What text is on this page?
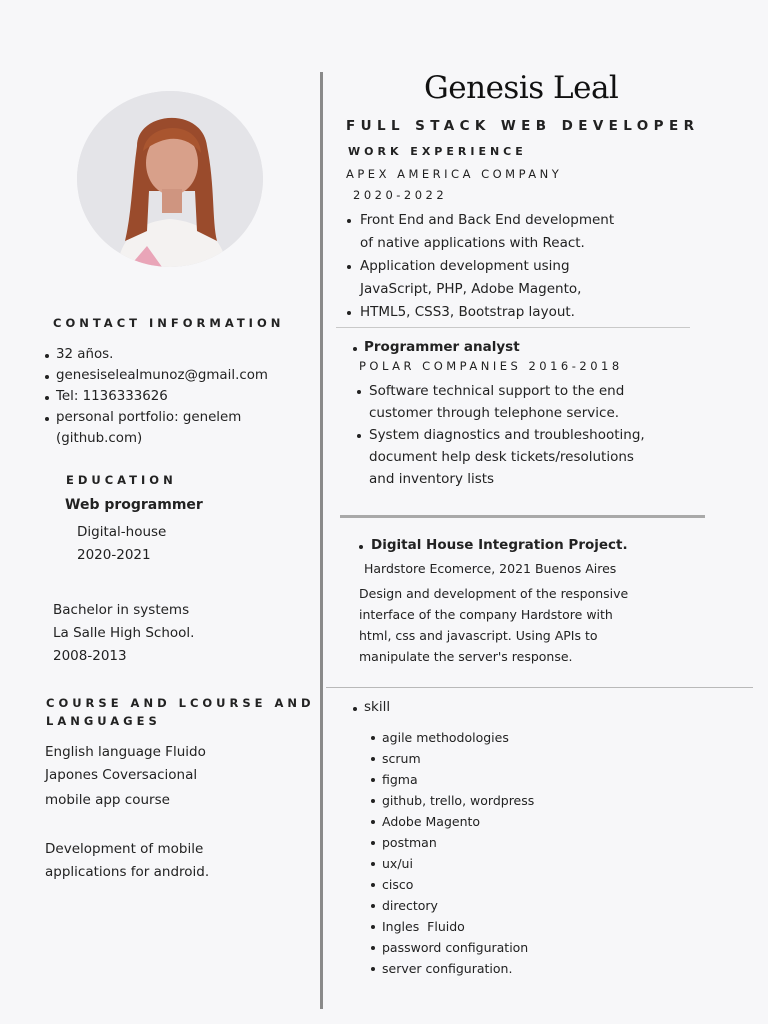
CONTACT INFORMATION
32 años.
genesiselealmunoz@gmail.com
Tel: 1136333626
personal portfolio: genelem
(github.com)
EDUCATION
Web programmer
Digital-house
2020-2021
Bachelor in systems
La Salle High School.
2008-2013
COURSE AND LCOURSE AND
LANGUAGES
English language Fluido
Japones Coversacional
mobile app course
Development of mobile
applications for android.
Genesis Leal
FULL STACK WEB DEVELOPER
WORK EXPERIENCE
APEX AMERICA COMPANY
2020-2022
Front End and Back End development
of native applications with React.
Application development using
JavaScript, PHP, Adobe Magento,
HTML5, CSS3, Bootstrap layout.
Programmer analyst
POLAR COMPANIES 2016-2018
Software technical support to the end
customer through telephone service.
System diagnostics and troubleshooting,
document help desk tickets/resolutions
and inventory lists
Digital House Integration Project.
Hardstore Ecomerce, 2021 Buenos Aires
Design and development of the responsive
interface of the company Hardstore with
html, css and javascript. Using APIs to
manipulate the server's response.
skill
agile methodologies
scrum
figma
github, trello, wordpress
Adobe Magento
postman
ux/ui
cisco
directory
Ingles  Fluido
password configuration
server configuration.
